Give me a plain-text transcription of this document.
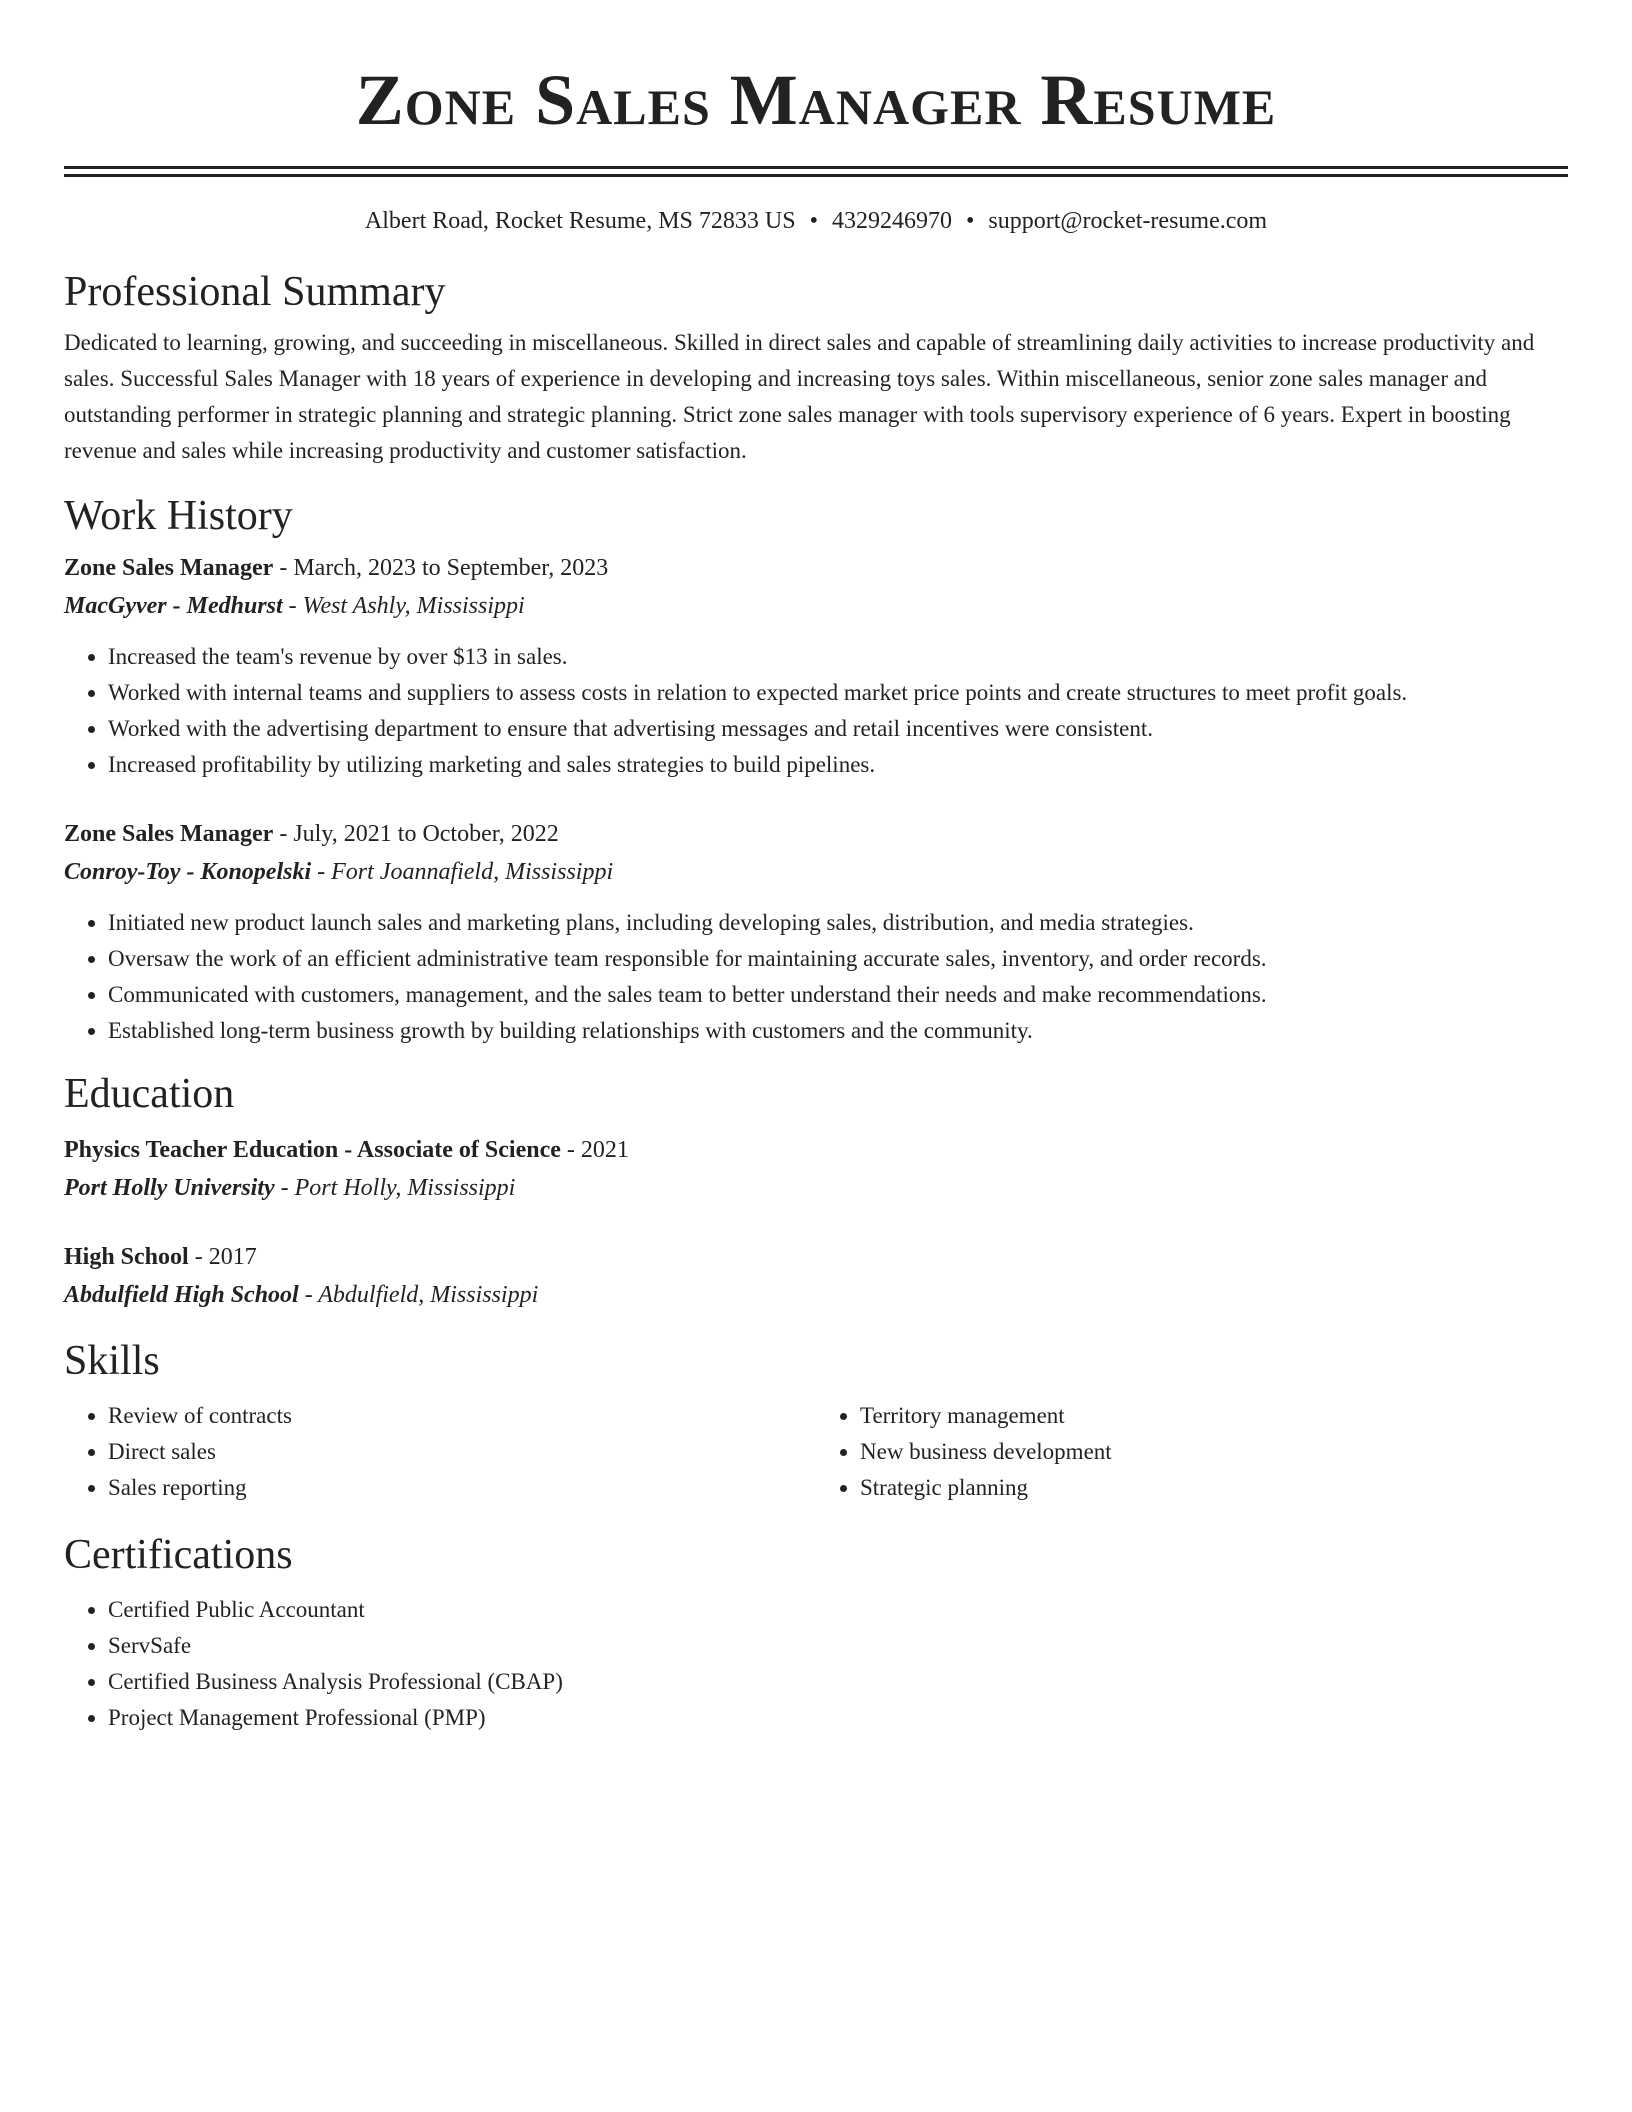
Zone Sales Manager Resume
Albert Road, Rocket Resume, MS 72833 US • 4329246970 • support@rocket-resume.com
Professional Summary

Dedicated to learning, growing, and succeeding in miscellaneous. Skilled in direct sales and capable of streamlining daily activities to increase productivity and sales. Successful Sales Manager with 18 years of experience in developing and increasing toys sales. Within miscellaneous, senior zone sales manager and outstanding performer in strategic planning and strategic planning. Strict zone sales manager with tools supervisory experience of 6 years. Expert in boosting revenue and sales while increasing productivity and customer satisfaction.

Work History
Zone Sales Manager - March, 2023 to September, 2023
MacGyver - Medhurst - West Ashly, Mississippi
• Increased the team's revenue by over $13 in sales.
• Worked with internal teams and suppliers to assess costs in relation to expected market price points and create structures to meet profit goals.
• Worked with the advertising department to ensure that advertising messages and retail incentives were consistent.
• Increased profitability by utilizing marketing and sales strategies to build pipelines.
Zone Sales Manager - July, 2021 to October, 2022
Conroy-Toy - Konopelski - Fort Joannafield, Mississippi
• Initiated new product launch sales and marketing plans, including developing sales, distribution, and media strategies.
• Oversaw the work of an efficient administrative team responsible for maintaining accurate sales, inventory, and order records.
• Communicated with customers, management, and the sales team to better understand their needs and make recommendations.
• Established long-term business growth by building relationships with customers and the community.
Education
Physics Teacher Education - Associate of Science - 2021
Port Holly University - Port Holly, Mississippi
High School - 2017
Abdulfield High School - Abdulfield, Mississippi
Skills
• Review of contracts
• Direct sales
• Sales reporting
• Territory management
• New business development
• Strategic planning
Certifications
• Certified Public Accountant
• ServSafe
• Certified Business Analysis Professional (CBAP)
• Project Management Professional (PMP)
